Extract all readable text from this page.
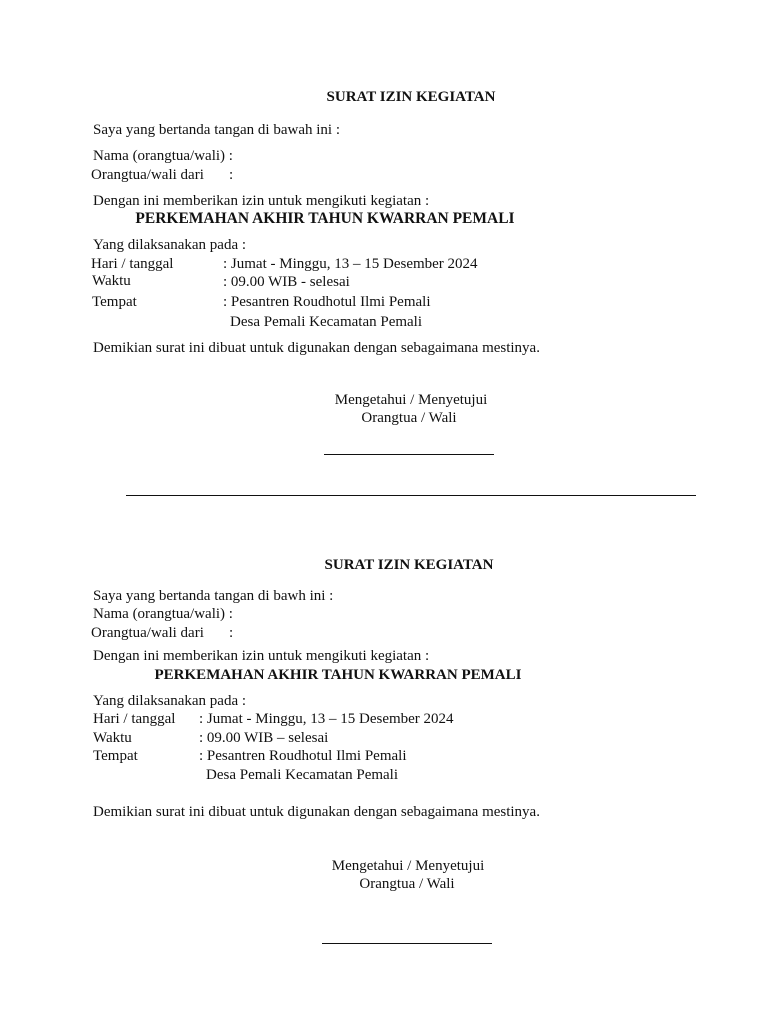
SURAT IZIN KEGIATAN
Saya yang bertanda tangan di bawah ini :
Nama (orangtua/wali) :
Orangtua/wali dari :
Dengan ini memberikan izin untuk mengikuti kegiatan :
PERKEMAHAN AKHIR TAHUN KWARRAN PEMALI
Yang dilaksanakan pada :
Hari / tanggal	: Jumat - Minggu, 13 – 15 Desember 2024
Waktu	: 09.00 WIB - selesai
Tempat	: Pesantren Roudhotul Ilmi Pemali
Desa Pemali Kecamatan Pemali
Demikian surat ini dibuat untuk digunakan dengan sebagaimana mestinya.
Mengetahui / Menyetujui
Orangtua / Wali
SURAT IZIN KEGIATAN
Saya yang bertanda tangan di bawh ini :
Nama (orangtua/wali) :
Orangtua/wali dari :
Dengan ini memberikan izin untuk mengikuti kegiatan :
PERKEMAHAN AKHIR TAHUN KWARRAN PEMALI
Yang dilaksanakan pada :
Hari / tanggal : Jumat - Minggu, 13 – 15 Desember 2024
Waktu	: 09.00 WIB – selesai
Tempat	: Pesantren Roudhotul Ilmi Pemali
Desa Pemali Kecamatan Pemali
Demikian surat ini dibuat untuk digunakan dengan sebagaimana mestinya.
Mengetahui / Menyetujui
Orangtua / Wali
